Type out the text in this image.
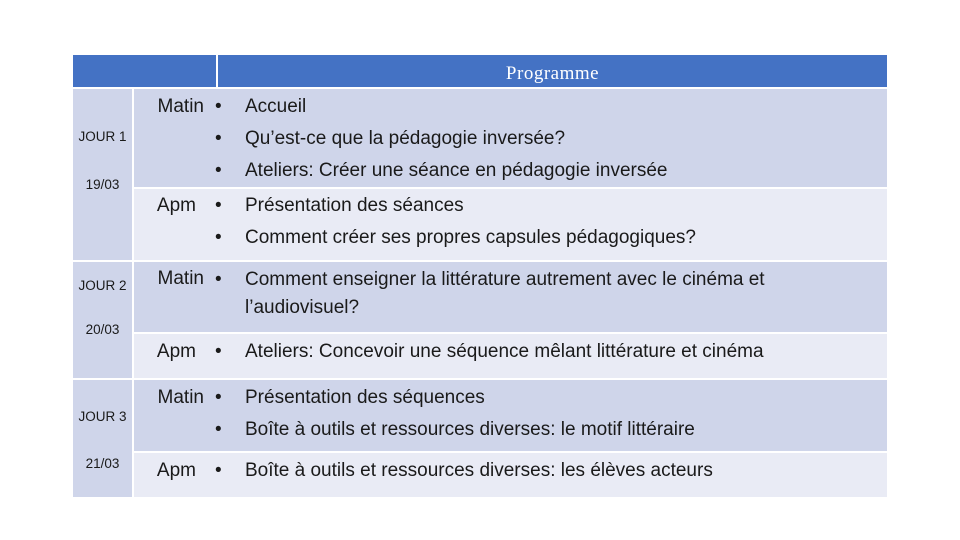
Programme
JOUR 1
19/03
JOUR 2
20/03
JOUR 3
21/03
Matin
Apm
Matin
Apm
Matin
Apm
• Accueil
• Qu’est-ce que la pédagogie inversée?
• Ateliers: Créer une séance en pédagogie inversée
• Présentation des séances
• Comment créer ses propres capsules pédagogiques?
• Comment enseigner la littérature autrement avec le cinéma et l’audiovisuel?
• Ateliers: Concevoir une séquence mêlant littérature et cinéma
• Présentation des séquences
• Boîte à outils et ressources diverses: le motif littéraire
• Boîte à outils et ressources diverses: les élèves acteurs
